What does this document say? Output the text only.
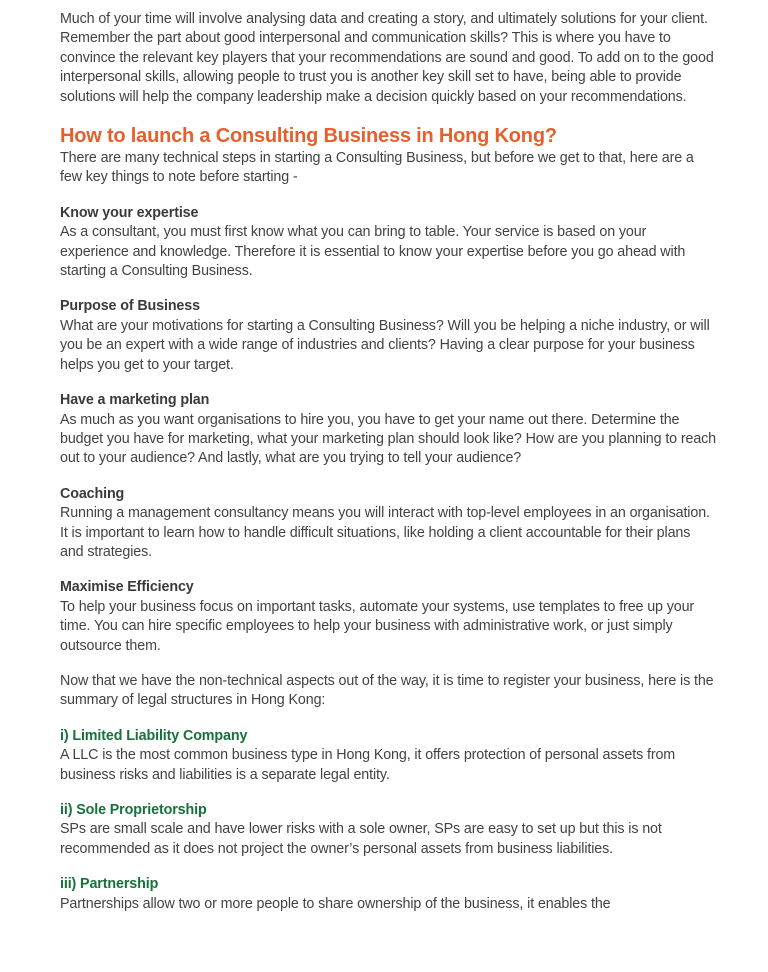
Much of your time will involve analysing data and creating a story, and ultimately solutions for your client. Remember the part about good interpersonal and communication skills? This is where you have to convince the relevant key players that your recommendations are sound and good. To add on to the good interpersonal skills, allowing people to trust you is another key skill set to have, being able to provide solutions will help the company leadership make a decision quickly based on your recommendations.

How to launch a Consulting Business in Hong Kong?

There are many technical steps in starting a Consulting Business, but before we get to that, here are a few key things to note before starting -

Know your expertise

As a consultant, you must first know what you can bring to table. Your service is based on your experience and knowledge. Therefore it is essential to know your expertise before you go ahead with starting a Consulting Business.

Purpose of Business

What are your motivations for starting a Consulting Business? Will you be helping a niche industry, or will you be an expert with a wide range of industries and clients? Having a clear purpose for your business helps you get to your target.

Have a marketing plan

As much as you want organisations to hire you, you have to get your name out there. Determine the budget you have for marketing, what your marketing plan should look like? How are you planning to reach out to your audience? And lastly, what are you trying to tell your audience?

Coaching

Running a management consultancy means you will interact with top-level employees in an organisation. It is important to learn how to handle difficult situations, like holding a client accountable for their plans and strategies.

Maximise Efficiency

To help your business focus on important tasks, automate your systems, use templates to free up your time. You can hire specific employees to help your business with administrative work, or just simply outsource them.

Now that we have the non-technical aspects out of the way, it is time to register your business, here is the summary of legal structures in Hong Kong:

i) Limited Liability Company

A LLC is the most common business type in Hong Kong, it offers protection of personal assets from business risks and liabilities is a separate legal entity.

ii) Sole Proprietorship

SPs are small scale and have lower risks with a sole owner, SPs are easy to set up but this is not recommended as it does not project the owner’s personal assets from business liabilities.

iii) Partnership

Partnerships allow two or more people to share ownership of the business, it enables the
